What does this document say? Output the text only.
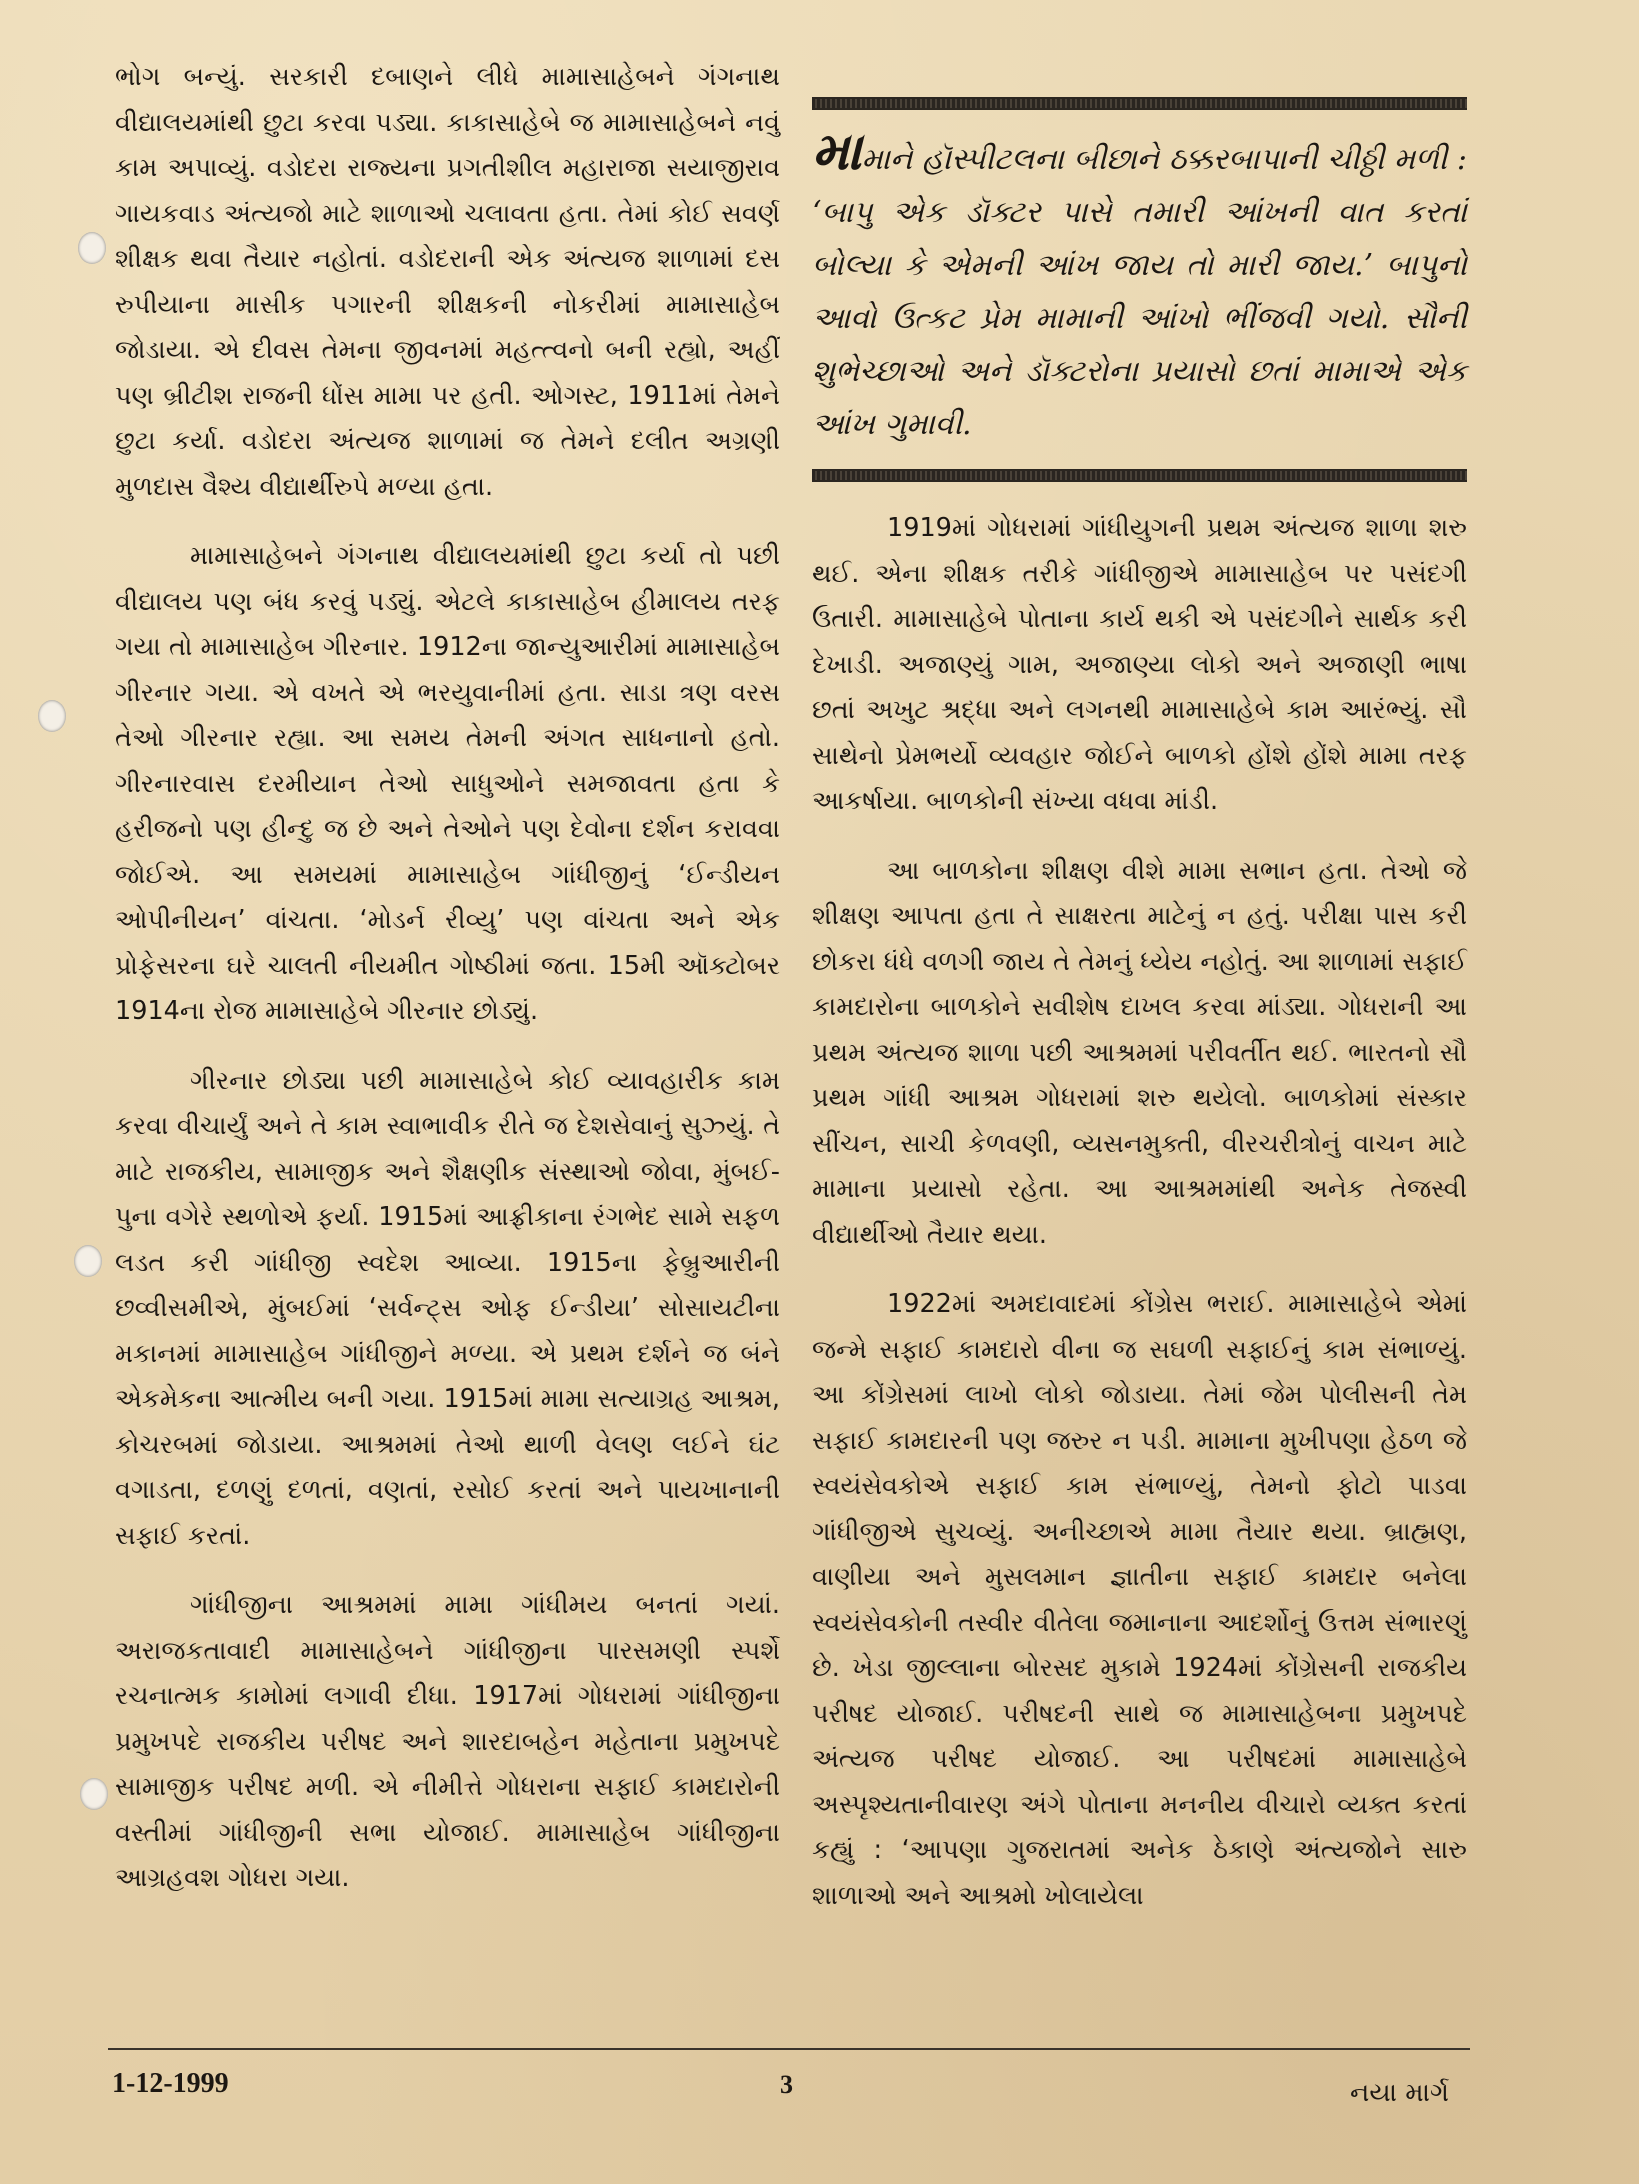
ભોગ બન્યું. સરકારી દબાણને લીધે મામાસાહેબને ગંગનાથ વીદ્યાલયમાંથી છુટા કરવા પડ્યા. કાકાસાહેબે જ મામાસાહેબને નવું કામ અપાવ્યું. વડોદરા રાજ્યના પ્રગતીશીલ મહારાજા સયાજીરાવ ગાયકવાડ અંત્યજો માટે શાળાઓ ચલાવતા હતા. તેમાં કોઈ સવર્ણ શીક્ષક થવા તૈયાર નહોતાં. વડોદરાની એક અંત્યજ શાળામાં દસ રુપીયાના માસીક પગારની શીક્ષકની નોકરીમાં મામાસાહેબ જોડાયા. એ દીવસ તેમના જીવનમાં મહત્ત્વનો બની રહ્યો, અહીં પણ બ્રીટીશ રાજની ધોંસ મામા પર હતી. ઓગસ્ટ, 1911માં તેમને છુટા કર્યા. વડોદરા અંત્યજ શાળામાં જ તેમને દલીત અગ્રણી મુળદાસ વૈશ્ય વીદ્યાર્થીરુપે મળ્યા હતા.

મામાસાહેબને ગંગનાથ વીદ્યાલયમાંથી છુટા કર્યા તો પછી વીદ્યાલય પણ બંધ કરવું પડ્યું. એટલે કાકાસાહેબ હીમાલય તરફ ગયા તો મામાસાહેબ ગીરનાર. 1912ના જાન્યુઆરીમાં મામાસાહેબ ગીરનાર ગયા. એ વખતે એ ભરયુવાનીમાં હતા. સાડા ત્રણ વરસ તેઓ ગીરનાર રહ્યા. આ સમય તેમની અંગત સાધનાનો હતો. ગીરનારવાસ દરમીયાન તેઓ સાધુઓને સમજાવતા હતા કે હરીજનો પણ હીન્દુ જ છે અને તેઓને પણ દેવોના દર્શન કરાવવા જોઈએ. આ સમયમાં મામાસાહેબ ગાંધીજીનું ‘ઈન્ડીયન ઓપીનીયન’ વાંચતા. ‘મોડર્ન રીવ્યુ’ પણ વાંચતા અને એક પ્રોફેસરના ઘરે ચાલતી નીયમીત ગોષ્ઠીમાં જતા. 15મી ઑક્ટોબર 1914ના રોજ મામાસાહેબે ગીરનાર છોડ્યું.

ગીરનાર છોડ્યા પછી મામાસાહેબે કોઈ વ્યાવહારીક કામ કરવા વીચાર્યું અને તે કામ સ્વાભાવીક રીતે જ દેશસેવાનું સુઝ્યું. તે માટે રાજકીય, સામાજીક અને શૈક્ષણીક સંસ્થાઓ જોવા, મુંબઈ-પુના વગેરે સ્થળોએ ફર્યા. 1915માં આફ્રીકાના રંગભેદ સામે સફળ લડત કરી ગાંધીજી સ્વદેશ આવ્યા. 1915ના ફેબ્રુઆરીની છવ્વીસમીએ, મુંબઈમાં ‘સર્વન્ટ્સ ઓફ ઈન્ડીયા’ સોસાયટીના મકાનમાં મામાસાહેબ ગાંધીજીને મળ્યા. એ પ્રથમ દર્શને જ બંને એકમેકના આત્મીય બની ગયા. 1915માં મામા સત્યાગ્રહ આશ્રમ, કોચરબમાં જોડાયા. આશ્રમમાં તેઓ થાળી વેલણ લઈને ઘંટ વગાડતા, દળણું દળતાં, વણતાં, રસોઈ કરતાં અને પાયખાનાની સફાઈ કરતાં.

ગાંધીજીના આશ્રમમાં મામા ગાંધીમય બનતાં ગયાં. અરાજકતાવાદી મામાસાહેબને ગાંધીજીના પારસમણી સ્પર્શે રચનાત્મક કામોમાં લગાવી દીધા. 1917માં ગોધરામાં ગાંધીજીના પ્રમુખપદે રાજકીય પરીષદ અને શારદાબહેન મહેતાના પ્રમુખપદે સામાજીક પરીષદ મળી. એ નીમીત્તે ગોધરાના સફાઈ કામદારોની વસ્તીમાં ગાંધીજીની સભા યોજાઈ. મામાસાહેબ ગાંધીજીના આગ્રહવશ ગોધરા ગયા.

મામાને હૉસ્પીટલના બીછાને ઠક્કરબાપાની ચીઠ્ઠી મળી : ‘બાપુ એક ડૉક્ટર પાસે તમારી આંખની વાત કરતાં બોલ્યા કે એમની આંખ જાય તો મારી જાય.’ બાપુનો આવો ઉત્કટ પ્રેમ મામાની આંખો ભીંજવી ગયો. સૌની શુભેચ્છાઓ અને ડૉક્ટરોના પ્રયાસો છતાં મામાએ એક આંખ ગુમાવી.

1919માં ગોધરામાં ગાંધીયુગની પ્રથમ અંત્યજ શાળા શરુ થઈ. એના શીક્ષક તરીકે ગાંધીજીએ મામાસાહેબ પર પસંદગી ઉતારી. મામાસાહેબે પોતાના કાર્ય થકી એ પસંદગીને સાર્થક કરી દેખાડી. અજાણ્યું ગામ, અજાણ્યા લોકો અને અજાણી ભાષા છતાં અખુટ શ્રદ્ધા અને લગનથી મામાસાહેબે કામ આરંભ્યું. સૌ સાથેનો પ્રેમભર્યો વ્યવહાર જોઈને બાળકો હોંશે હોંશે મામા તરફ આકર્ષાયા. બાળકોની સંખ્યા વધવા માંડી.

આ બાળકોના શીક્ષણ વીશે મામા સભાન હતા. તેઓ જે શીક્ષણ આપતા હતા તે સાક્ષરતા માટેનું ન હતું. પરીક્ષા પાસ કરી છોકરા ધંધે વળગી જાય તે તેમનું ધ્યેય નહોતું. આ શાળામાં સફાઈ કામદારોના બાળકોને સવીશેષ દાખલ કરવા માંડ્યા. ગોધરાની આ પ્રથમ અંત્યજ શાળા પછી આશ્રમમાં પરીવર્તીત થઈ. ભારતનો સૌ પ્રથમ ગાંધી આશ્રમ ગોધરામાં શરુ થયેલો. બાળકોમાં સંસ્કાર સીંચન, સાચી કેળવણી, વ્યસનમુક્તી, વીરચરીત્રોનું વાચન માટે મામાના પ્રયાસો રહેતા. આ આશ્રમમાંથી અનેક તેજસ્વી વીદ્યાર્થીઓ તૈયાર થયા.

1922માં અમદાવાદમાં કોંગ્રેસ ભરાઈ. મામાસાહેબે એમાં જન્મે સફાઈ કામદારો વીના જ સઘળી સફાઈનું કામ સંભાળ્યું. આ કોંગ્રેસમાં લાખો લોકો જોડાયા. તેમાં જેમ પોલીસની તેમ સફાઈ કામદારની પણ જરુર ન પડી. મામાના મુખીપણા હેઠળ જે સ્વયંસેવકોએ સફાઈ કામ સંભાળ્યું, તેમનો ફોટો પાડવા ગાંધીજીએ સુચવ્યું. અનીચ્છાએ મામા તૈયાર થયા. બ્રાહ્મણ, વાણીયા અને મુસલમાન જ્ઞાતીના સફાઈ કામદાર બનેલા સ્વયંસેવકોની તસ્વીર વીતેલા જમાનાના આદર્શોનું ઉત્તમ સંભારણું છે. ખેડા જીલ્લાના બોરસદ મુકામે 1924માં કોંગ્રેસની રાજકીય પરીષદ યોજાઈ. પરીષદની સાથે જ મામાસાહેબના પ્રમુખપદે અંત્યજ પરીષદ યોજાઈ. આ પરીષદમાં મામાસાહેબે અસ્પૃશ્યતાનીવારણ અંગે પોતાના મનનીય વીચારો વ્યક્ત કરતાં કહ્યું : ‘આપણા ગુજરાતમાં અનેક ઠેકાણે અંત્યજોને સારુ શાળાઓ અને આશ્રમો ખોલાયેલા

1-12-1999	3	નયા માર્ગ
